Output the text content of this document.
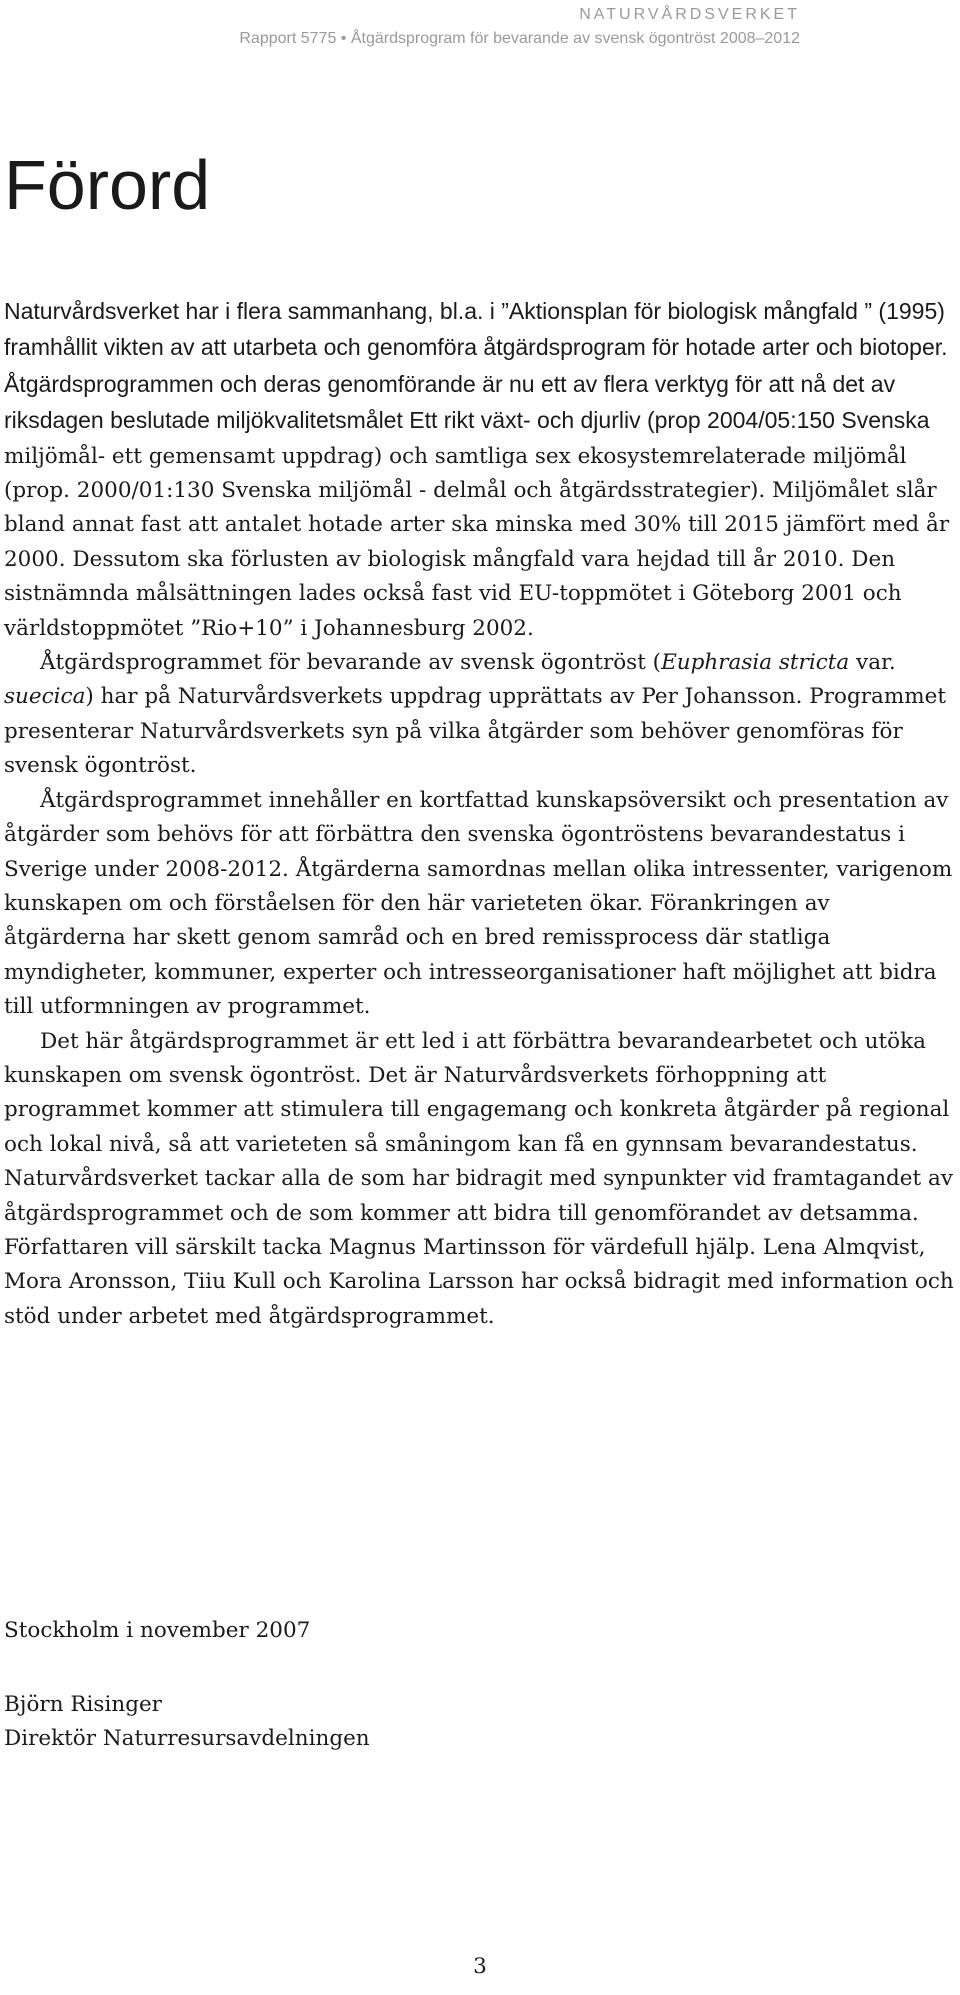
NATURVÅRDSVERKET
Rapport 5775 • Åtgärdsprogram för bevarande av svensk ögontröst 2008–2012
Förord

Naturvårdsverket har i flera sammanhang, bl.a. i ”Aktionsplan för biologisk mångfald ” (1995) framhållit vikten av att utarbeta och genomföra åtgärdsprogram för hotade arter och biotoper. Åtgärdsprogrammen och deras genomförande är nu ett av flera verktyg för att nå det av riksdagen beslutade miljökvalitetsmålet Ett rikt växt- och djurliv (prop 2004/05:150 Svenska miljömål- ett gemensamt uppdrag) och samtliga sex ekosystemrelaterade miljömål (prop. 2000/01:130 Svenska miljömål - delmål och åtgärdsstrategier). Miljömålet slår bland annat fast att antalet hotade arter ska minska med 30% till 2015 jämfört med år 2000. Dessutom ska förlusten av biologisk mångfald vara hejdad till år 2010. Den sistnämnda målsättningen lades också fast vid EU-toppmötet i Göteborg 2001 och världstoppmötet ”Rio+10” i Johannesburg 2002.

Åtgärdsprogrammet för bevarande av svensk ögontröst (Euphrasia stricta var. suecica) har på Naturvårdsverkets uppdrag upprättats av Per Johansson. Programmet presenterar Naturvårdsverkets syn på vilka åtgärder som behöver genomföras för svensk ögontröst.

Åtgärdsprogrammet innehåller en kortfattad kunskapsöversikt och presentation av åtgärder som behövs för att förbättra den svenska ögontröstens bevarandestatus i Sverige under 2008-2012. Åtgärderna samordnas mellan olika intressenter, varigenom kunskapen om och förståelsen för den här varieteten ökar. Förankringen av åtgärderna har skett genom samråd och en bred remissprocess där statliga myndigheter, kommuner, experter och intresseorganisationer haft möjlighet att bidra till utformningen av programmet.

Det här åtgärdsprogrammet är ett led i att förbättra bevarandearbetet och utöka kunskapen om svensk ögontröst. Det är Naturvårdsverkets förhoppning att programmet kommer att stimulera till engagemang och konkreta åtgärder på regional och lokal nivå, så att varieteten så småningom kan få en gynnsam bevarandestatus. Naturvårdsverket tackar alla de som har bidragit med synpunkter vid framtagandet av åtgärdsprogrammet och de som kommer att bidra till genomförandet av detsamma. Författaren vill särskilt tacka Magnus Martinsson för värdefull hjälp. Lena Almqvist, Mora Aronsson, Tiiu Kull och Karolina Larsson har också bidragit med information och stöd under arbetet med åtgärdsprogrammet.

Stockholm i november 2007

Björn Risinger

Direktör Naturresursavdelningen

3
